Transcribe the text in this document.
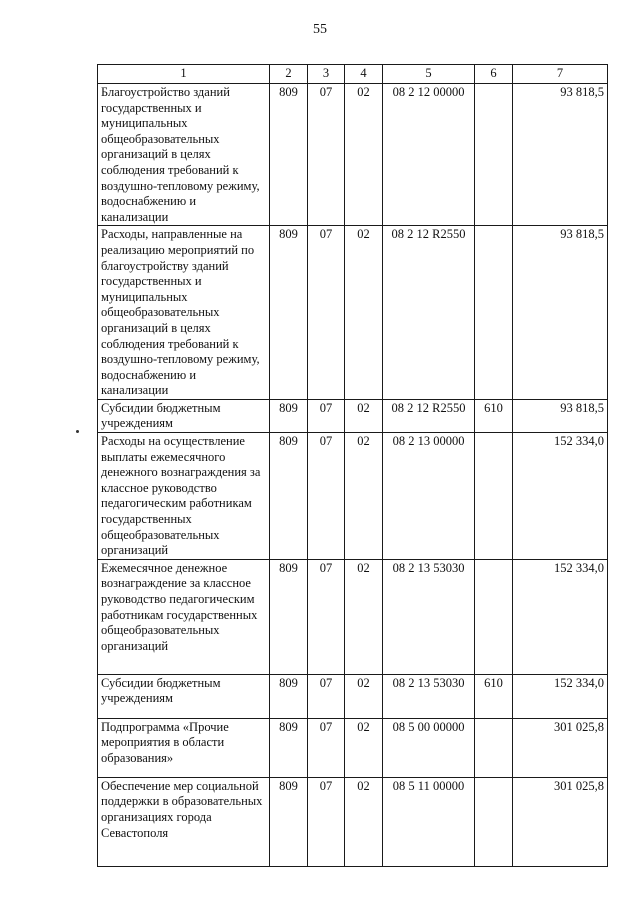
55
1	2	3	4	5	6	7
Благоустройство зданий государственных и муниципальных общеобразовательных организаций в целях соблюдения требований к воздушно-тепловому режиму, водоснабжению и канализации	809	07	02	08 2 12 00000		93 818,5
Расходы, направленные на реализацию мероприятий по благоустройству зданий государственных и муниципальных общеобразовательных организаций в целях соблюдения требований к воздушно-тепловому режиму, водоснабжению и канализации	809	07	02	08 2 12 R2550		93 818,5
Субсидии бюджетным учреждениям	809	07	02	08 2 12 R2550	610	93 818,5
Расходы на осуществление выплаты ежемесячного денежного вознаграждения за классное руководство педагогическим работникам государственных общеобразовательных организаций	809	07	02	08 2 13 00000		152 334,0
Ежемесячное денежное вознаграждение за классное руководство педагогическим работникам государственных общеобразовательных организаций	809	07	02	08 2 13 53030		152 334,0
Субсидии бюджетным учреждениям	809	07	02	08 2 13 53030	610	152 334,0
Подпрограмма «Прочие мероприятия в области образования»	809	07	02	08 5 00 00000		301 025,8
Обеспечение мер социальной поддержки в образовательных организациях города Севастополя	809	07	02	08 5 11 00000		301 025,8
